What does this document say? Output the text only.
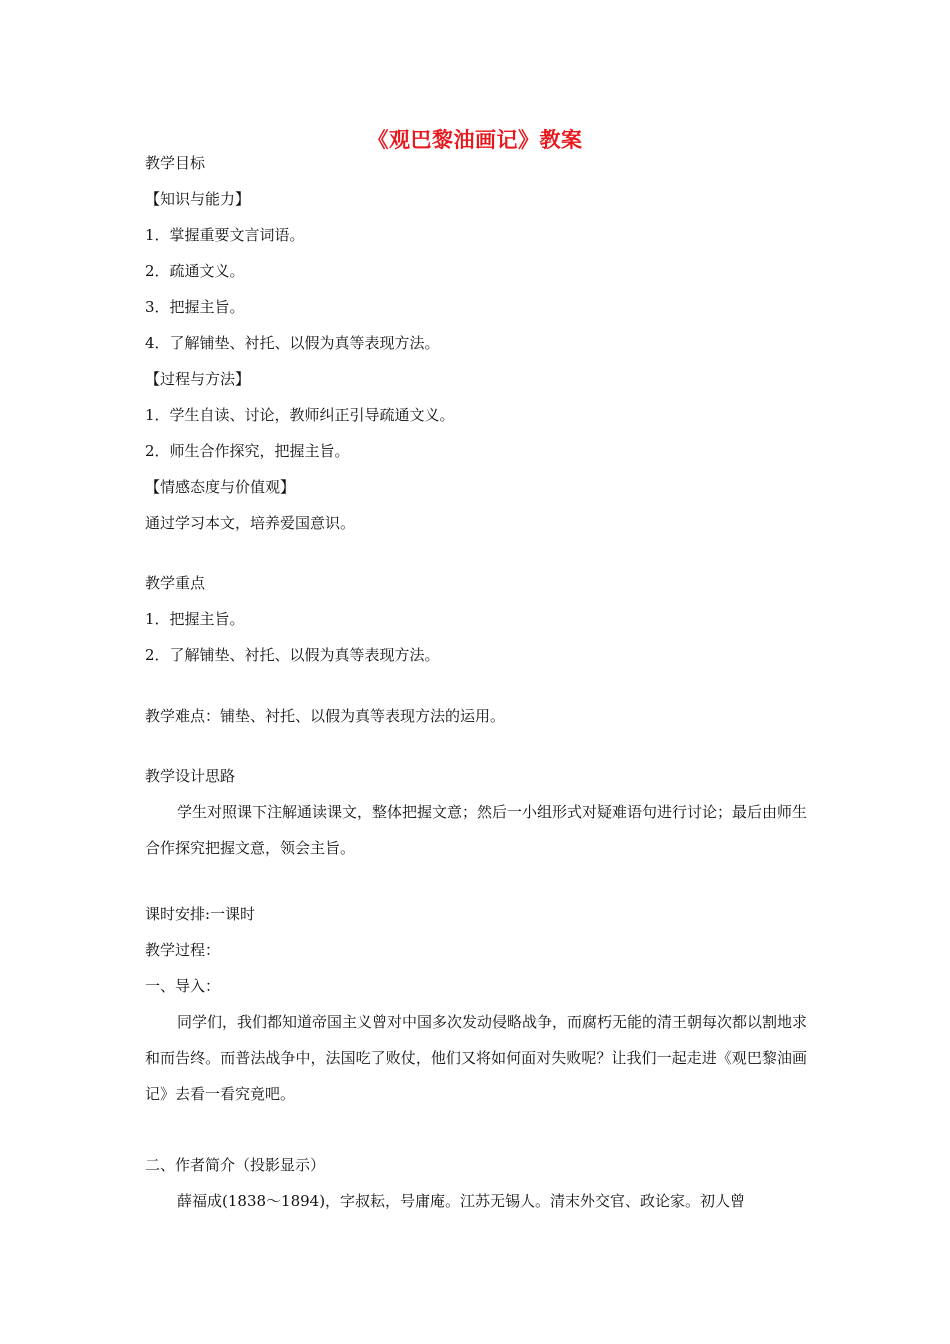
《观巴黎油画记》教案
教学目标
【知识与能力】
1．掌握重要文言词语。
2．疏通文义。
3．把握主旨。
4．了解铺垫、衬托、以假为真等表现方法。
【过程与方法】
1．学生自读、讨论，教师纠正引导疏通文义。
2．师生合作探究，把握主旨。
【情感态度与价值观】
通过学习本文，培养爱国意识。
教学重点
1．把握主旨。
2．了解铺垫、衬托、以假为真等表现方法。
教学难点：铺垫、衬托、以假为真等表现方法的运用。
教学设计思路
学生对照课下注解通读课文，整体把握文意；然后一小组形式对疑难语句进行讨论；最后由师生合作探究把握文意，领会主旨。
课时安排:一课时
教学过程：
一、导入：
同学们，我们都知道帝国主义曾对中国多次发动侵略战争，而腐朽无能的清王朝每次都以割地求和而告终。而普法战争中，法国吃了败仗，他们又将如何面对失败呢？让我们一起走进《观巴黎油画记》去看一看究竟吧。
二、作者简介（投影显示）
薛福成(1838～1894)，字叔耘，号庸庵。江苏无锡人。清末外交官、政论家。初人曾
